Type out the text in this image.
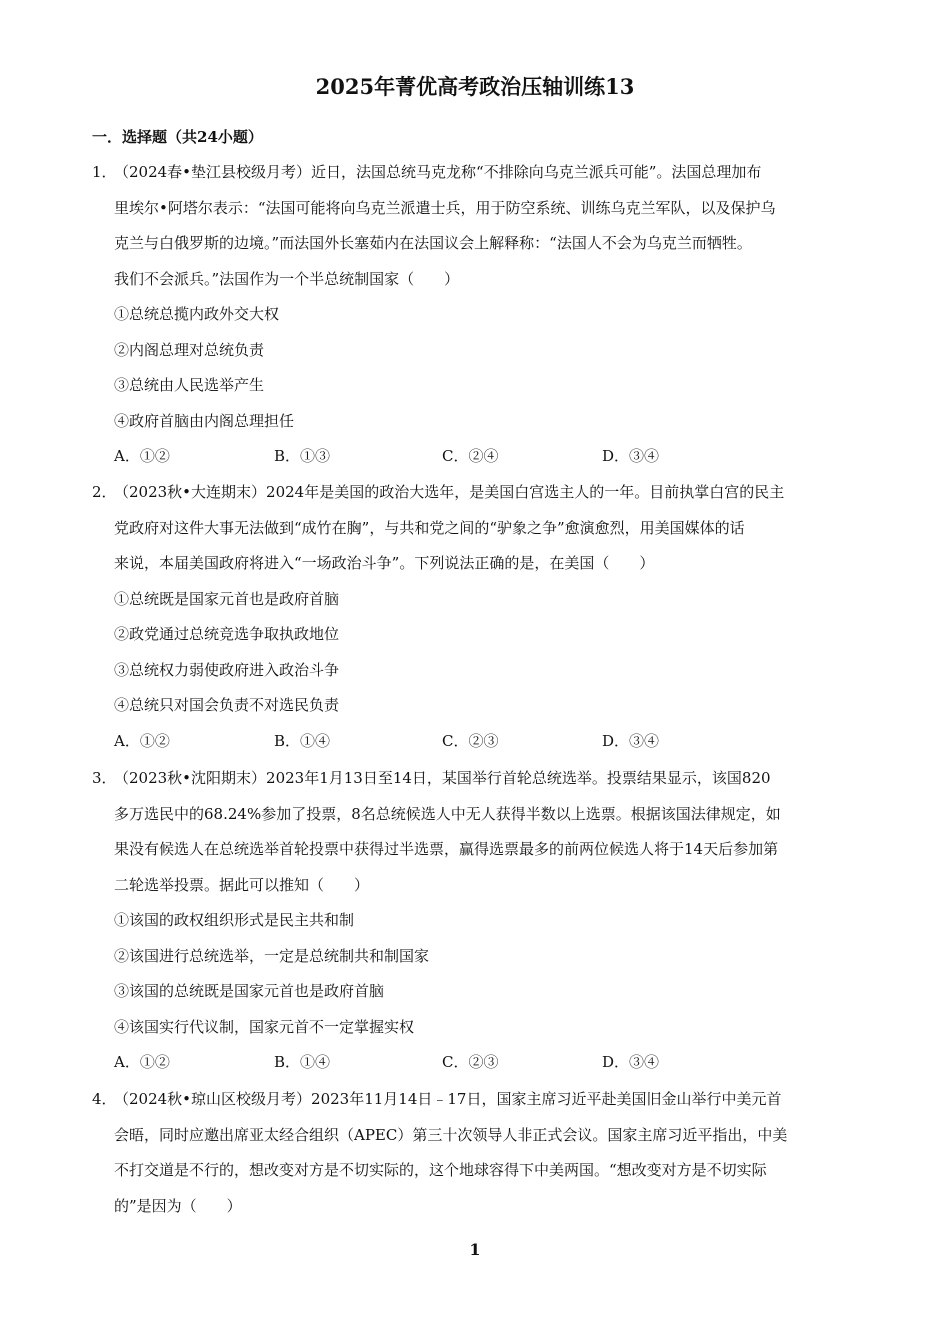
2025年菁优高考政治压轴训练13
一．选择题（共24小题）
1．（2024春•垫江县校级月考）近日，法国总统马克龙称“不排除向乌克兰派兵可能”。法国总理加布
里埃尔•阿塔尔表示：“法国可能将向乌克兰派遣士兵，用于防空系统、训练乌克兰军队，以及保护乌
克兰与白俄罗斯的边境。”而法国外长塞茹内在法国议会上解释称：“法国人不会为乌克兰而牺牲。
我们不会派兵。”法国作为一个半总统制国家（　　）
①总统总揽内政外交大权
②内阁总理对总统负责
③总统由人民选举产生
④政府首脑由内阁总理担任
A．①②	B．①③	C．②④	D．③④
2．（2023秋•大连期末）2024年是美国的政治大选年，是美国白宫选主人的一年。目前执掌白宫的民主
党政府对这件大事无法做到“成竹在胸”，与共和党之间的“驴象之争”愈演愈烈，用美国媒体的话
来说，本届美国政府将进入“一场政治斗争”。下列说法正确的是，在美国（　　）
①总统既是国家元首也是政府首脑
②政党通过总统竞选争取执政地位
③总统权力弱使政府进入政治斗争
④总统只对国会负责不对选民负责
A．①②	B．①④	C．②③	D．③④
3．（2023秋•沈阳期末）2023年1月13日至14日，某国举行首轮总统选举。投票结果显示，该国820
多万选民中的68.24%参加了投票，8名总统候选人中无人获得半数以上选票。根据该国法律规定，如
果没有候选人在总统选举首轮投票中获得过半选票，赢得选票最多的前两位候选人将于14天后参加第
二轮选举投票。据此可以推知（　　）
①该国的政权组织形式是民主共和制
②该国进行总统选举，一定是总统制共和制国家
③该国的总统既是国家元首也是政府首脑
④该国实行代议制，国家元首不一定掌握实权
A．①②	B．①④	C．②③	D．③④
4．（2024秋•琼山区校级月考）2023年11月14日﹣17日，国家主席习近平赴美国旧金山举行中美元首
会晤，同时应邀出席亚太经合组织（APEC）第三十次领导人非正式会议。国家主席习近平指出，中美
不打交道是不行的，想改变对方是不切实际的，这个地球容得下中美两国。“想改变对方是不切实际
的”是因为（　　）
1
